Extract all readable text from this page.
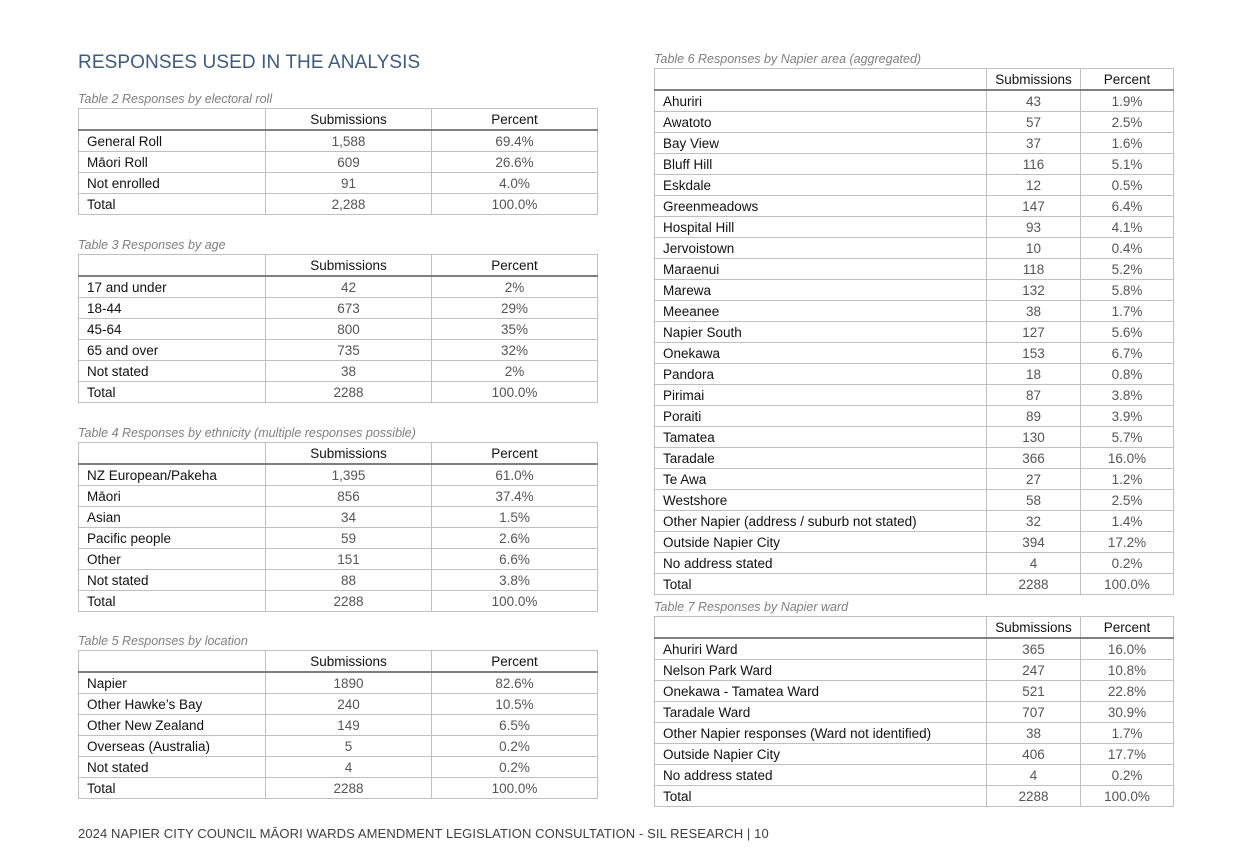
RESPONSES USED IN THE ANALYSIS
Table 2 Responses by electoral roll
	Submissions	Percent
General Roll	1,588	69.4%
Māori Roll	609	26.6%
Not enrolled	91	4.0%
Total	2,288	100.0%
Table 3 Responses by age
	Submissions	Percent
17 and under	42	2%
18-44	673	29%
45-64	800	35%
65 and over	735	32%
Not stated	38	2%
Total	2288	100.0%
Table 4 Responses by ethnicity (multiple responses possible)
	Submissions	Percent
NZ European/Pakeha	1,395	61.0%
Māori	856	37.4%
Asian	34	1.5%
Pacific people	59	2.6%
Other	151	6.6%
Not stated	88	3.8%
Total	2288	100.0%
Table 5 Responses by location
	Submissions	Percent
Napier	1890	82.6%
Other Hawke’s Bay	240	10.5%
Other New Zealand	149	6.5%
Overseas (Australia)	5	0.2%
Not stated	4	0.2%
Total	2288	100.0%
Table 6 Responses by Napier area (aggregated)
	Submissions	Percent
Ahuriri	43	1.9%
Awatoto	57	2.5%
Bay View	37	1.6%
Bluff Hill	116	5.1%
Eskdale	12	0.5%
Greenmeadows	147	6.4%
Hospital Hill	93	4.1%
Jervoistown	10	0.4%
Maraenui	118	5.2%
Marewa	132	5.8%
Meeanee	38	1.7%
Napier South	127	5.6%
Onekawa	153	6.7%
Pandora	18	0.8%
Pirimai	87	3.8%
Poraiti	89	3.9%
Tamatea	130	5.7%
Taradale	366	16.0%
Te Awa	27	1.2%
Westshore	58	2.5%
Other Napier (address / suburb not stated)	32	1.4%
Outside Napier City	394	17.2%
No address stated	4	0.2%
Total	2288	100.0%
Table 7 Responses by Napier ward
	Submissions	Percent
Ahuriri Ward	365	16.0%
Nelson Park Ward	247	10.8%
Onekawa - Tamatea Ward	521	22.8%
Taradale Ward	707	30.9%
Other Napier responses (Ward not identified)	38	1.7%
Outside Napier City	406	17.7%
No address stated	4	0.2%
Total	2288	100.0%
2024 NAPIER CITY COUNCIL MĀORI WARDS AMENDMENT LEGISLATION CONSULTATION - SIL RESEARCH | 10
